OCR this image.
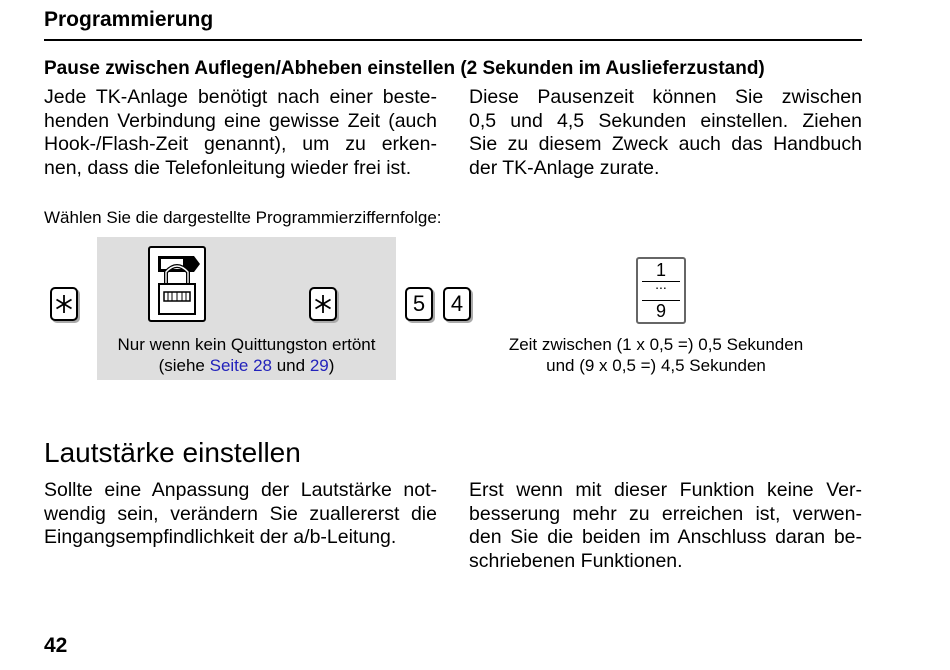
Programmierung
Pause zwischen Auflegen/Abheben einstellen (2 Sekunden im Auslieferzustand)
Jede TK-Anlage benötigt nach einer beste-
henden Verbindung eine gewisse Zeit (auch
Hook-/Flash-Zeit genannt), um zu erken-
nen, dass die Telefonleitung wieder frei ist.
Diese Pausenzeit können Sie zwischen
0,5 und 4,5 Sekunden einstellen. Ziehen
Sie zu diesem Zweck auch das Handbuch
der TK-Anlage zurate.
Wählen Sie die dargestellte Programmierziffernfolge:
5	4
Nur wenn kein Quittungston ertönt
(siehe Seite 28 und 29)
1
...
9
Zeit zwischen (1 x 0,5 =) 0,5 Sekunden
und (9 x 0,5 =) 4,5 Sekunden
Lautstärke einstellen
Sollte eine Anpassung der Lautstärke not-
wendig sein, verändern Sie zuallererst die
Eingangsempfindlichkeit der a/b-Leitung.
Erst wenn mit dieser Funktion keine Ver-
besserung mehr zu erreichen ist, verwen-
den Sie die beiden im Anschluss daran be-
schriebenen Funktionen.
42
